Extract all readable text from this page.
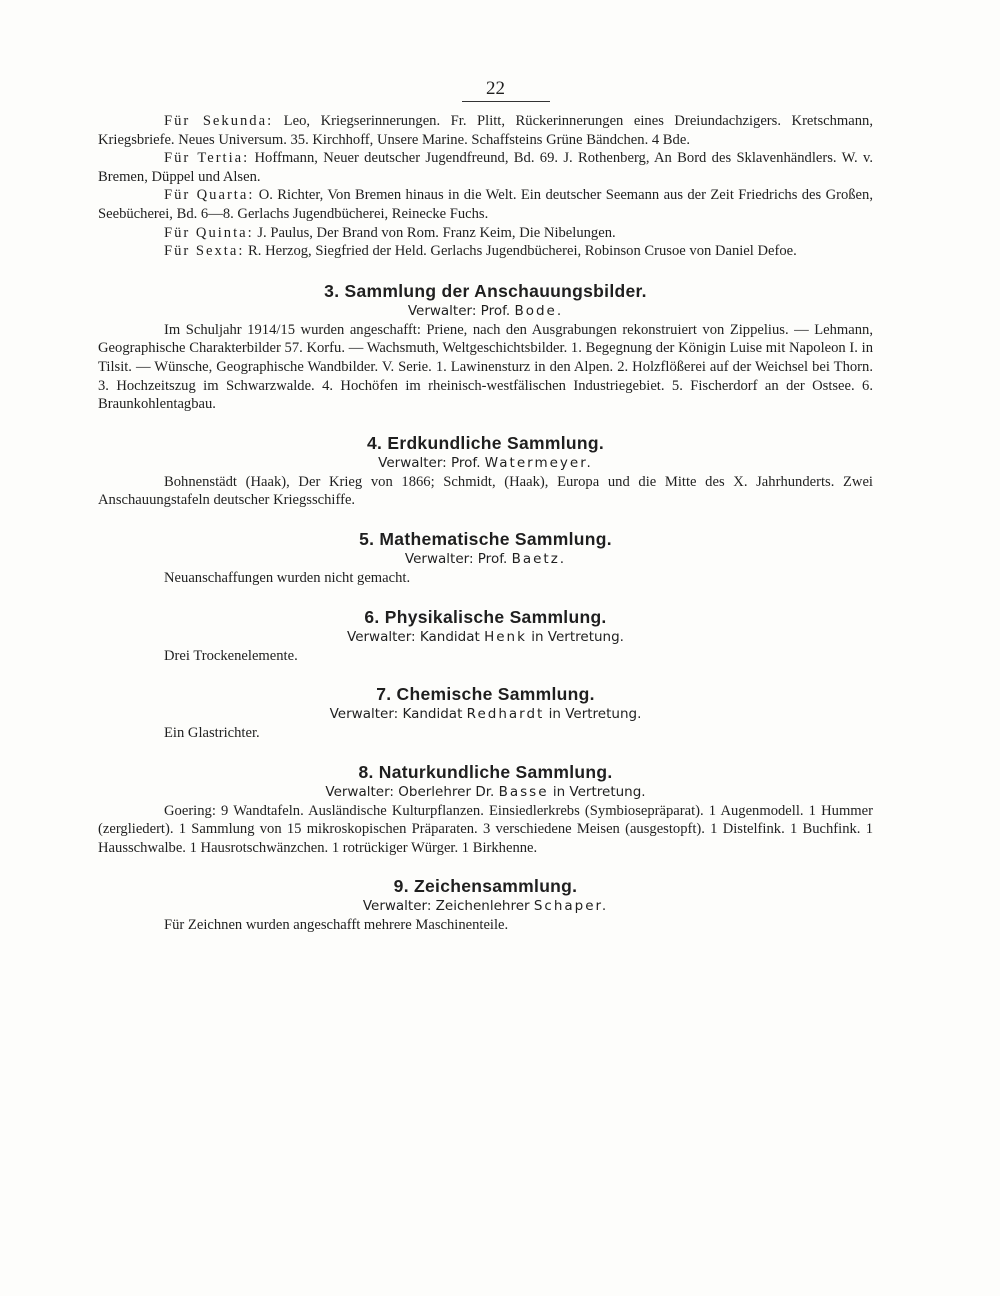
22

Für Sekunda: Leo, Kriegserinnerungen. Fr. Plitt, Rückerinnerungen eines Dreiundachzigers. Kretschmann, Kriegsbriefe. Neues Universum. 35. Kirchhoff, Unsere Marine. Schaffsteins Grüne Bändchen. 4 Bde.

Für Tertia: Hoffmann, Neuer deutscher Jugendfreund, Bd. 69. J. Rothenberg, An Bord des Sklavenhändlers. W. v. Bremen, Düppel und Alsen.

Für Quarta: O. Richter, Von Bremen hinaus in die Welt. Ein deutscher Seemann aus der Zeit Friedrichs des Großen, Seebücherei, Bd. 6—8. Gerlachs Jugendbücherei, Reinecke Fuchs.

Für Quinta: J. Paulus, Der Brand von Rom. Franz Keim, Die Nibelungen.

Für Sexta: R. Herzog, Siegfried der Held. Gerlachs Jugendbücherei, Robinson Crusoe von Daniel Defoe.

3. Sammlung der Anschauungsbilder.
Verwalter: Prof. Bode.

Im Schuljahr 1914/15 wurden angeschafft: Priene, nach den Ausgrabungen rekonstruiert von Zippelius. — Lehmann, Geographische Charakterbilder 57. Korfu. — Wachsmuth, Weltgeschichtsbilder. 1. Begegnung der Königin Luise mit Napoleon I. in Tilsit. — Wünsche, Geographische Wandbilder. V. Serie. 1. Lawinensturz in den Alpen. 2. Holzflößerei auf der Weichsel bei Thorn. 3. Hochzeitszug im Schwarzwalde. 4. Hochöfen im rheinisch-westfälischen Industriegebiet. 5. Fischerdorf an der Ostsee. 6. Braunkohlentagbau.

4. Erdkundliche Sammlung.
Verwalter: Prof. Watermeyer.

Bohnenstädt (Haak), Der Krieg von 1866; Schmidt, (Haak), Europa und die Mitte des X. Jahrhunderts. Zwei Anschauungstafeln deutscher Kriegsschiffe.

5. Mathematische Sammlung.
Verwalter: Prof. Baetz.

Neuanschaffungen wurden nicht gemacht.

6. Physikalische Sammlung.
Verwalter: Kandidat Henk in Vertretung.

Drei Trockenelemente.

7. Chemische Sammlung.
Verwalter: Kandidat Redhardt in Vertretung.

Ein Glastrichter.

8. Naturkundliche Sammlung.
Verwalter: Oberlehrer Dr. Basse in Vertretung.

Goering: 9 Wandtafeln. Ausländische Kulturpflanzen. Einsiedlerkrebs (Symbiosepräparat). 1 Augenmodell. 1 Hummer (zergliedert). 1 Sammlung von 15 mikroskopischen Präparaten. 3 verschiedene Meisen (ausgestopft). 1 Distelfink. 1 Buchfink. 1 Hausschwalbe. 1 Hausrotschwänzchen. 1 rotrückiger Würger. 1 Birkhenne.

9. Zeichensammlung.
Verwalter: Zeichenlehrer Schaper.

Für Zeichnen wurden angeschafft mehrere Maschinenteile.
